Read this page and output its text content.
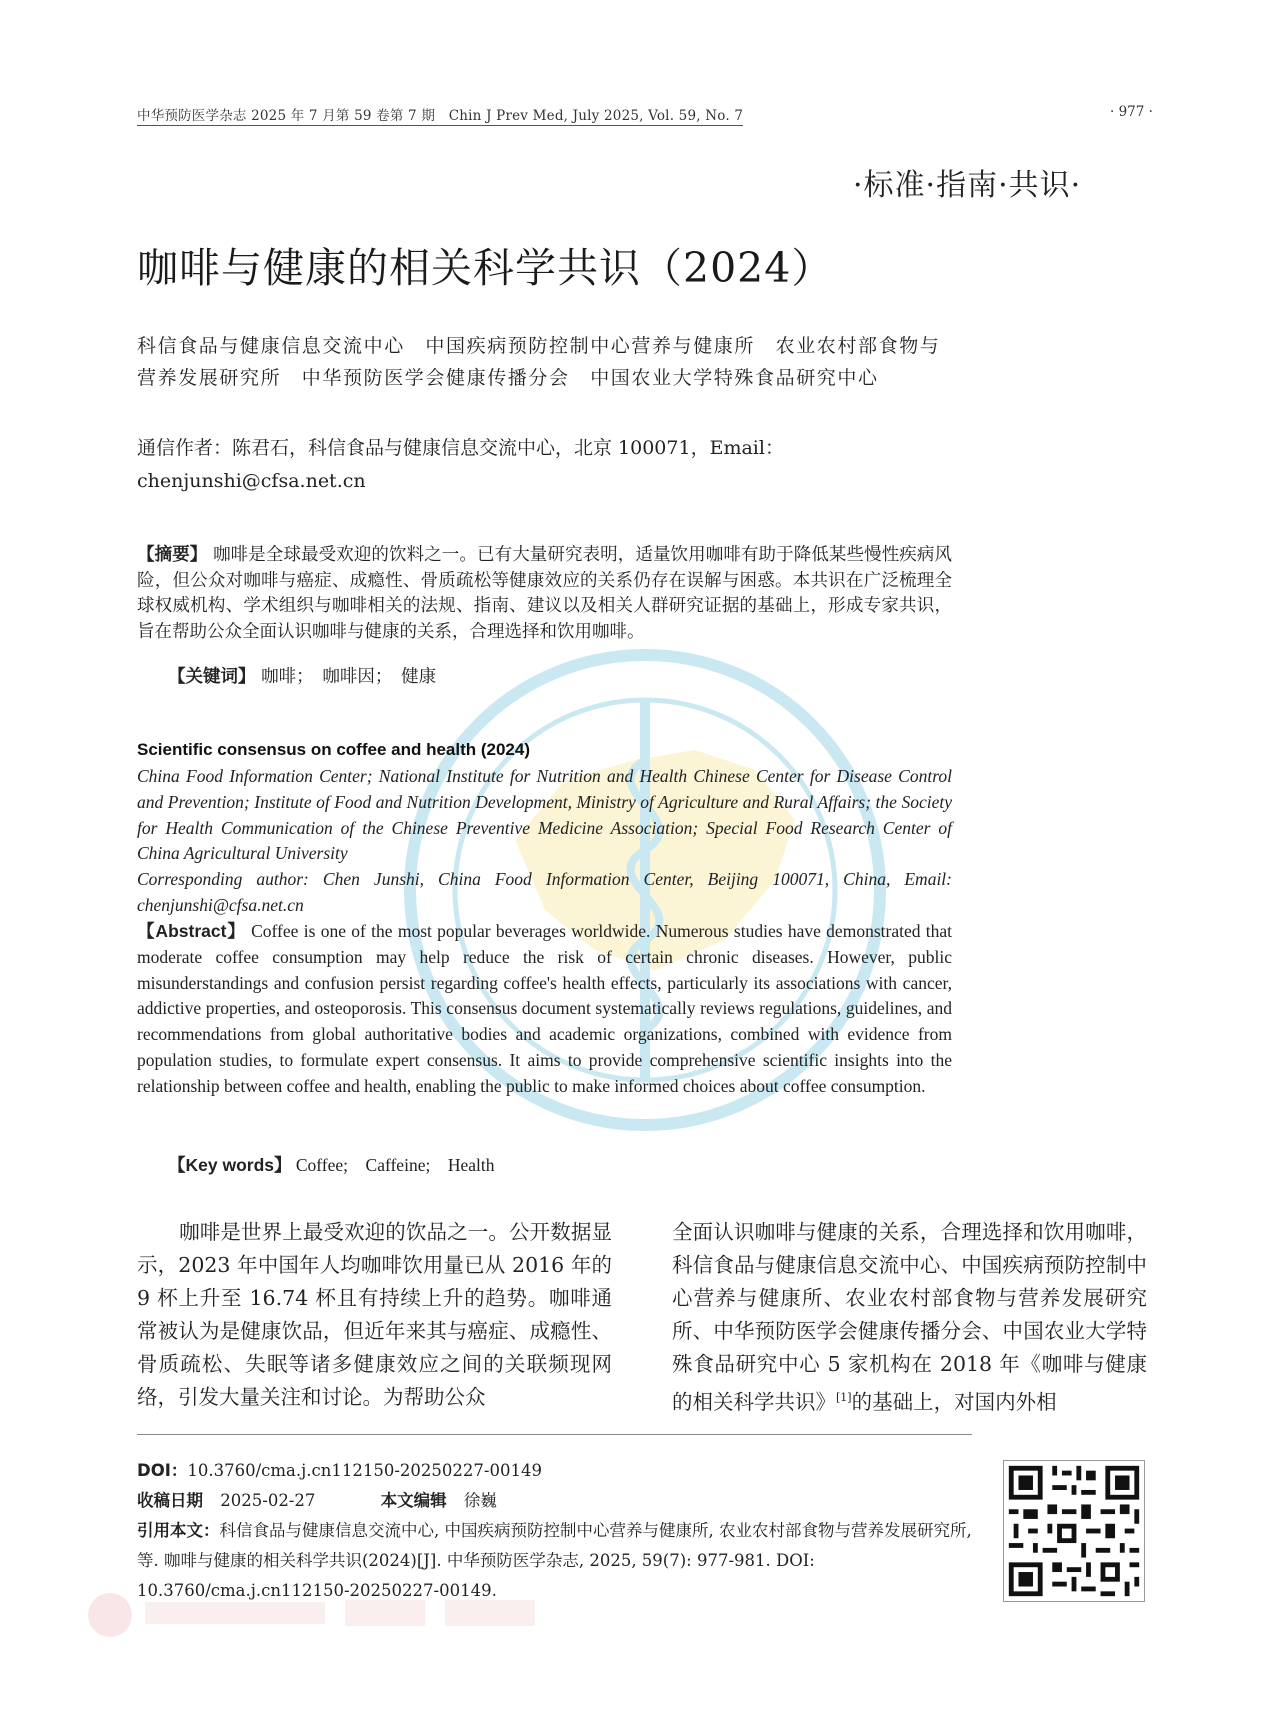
中华预防医学杂志 2025 年 7 月第 59 卷第 7 期　Chin J Prev Med, July 2025, Vol. 59, No. 7	· 977 ·
·标准·指南·共识·
咖啡与健康的相关科学共识（2024）
科信食品与健康信息交流中心　中国疾病预防控制中心营养与健康所　农业农村部食物与营养发展研究所　中华预防医学会健康传播分会　中国农业大学特殊食品研究中心
通信作者：陈君石，科信食品与健康信息交流中心，北京 100071，Email：chenjunshi@cfsa.net.cn
【摘要】 咖啡是全球最受欢迎的饮料之一。已有大量研究表明，适量饮用咖啡有助于降低某些慢性疾病风险，但公众对咖啡与癌症、成瘾性、骨质疏松等健康效应的关系仍存在误解与困惑。本共识在广泛梳理全球权威机构、学术组织与咖啡相关的法规、指南、建议以及相关人群研究证据的基础上，形成专家共识，旨在帮助公众全面认识咖啡与健康的关系，合理选择和饮用咖啡。
【关键词】 咖啡；　咖啡因；　健康
Scientific consensus on coffee and health (2024)
China Food Information Center; National Institute for Nutrition and Health Chinese Center for Disease Control and Prevention; Institute of Food and Nutrition Development, Ministry of Agriculture and Rural Affairs; the Society for Health Communication of the Chinese Preventive Medicine Association; Special Food Research Center of China Agricultural University
Corresponding author: Chen Junshi, China Food Information Center, Beijing 100071, China, Email: chenjunshi@cfsa.net.cn
【Abstract】 Coffee is one of the most popular beverages worldwide. Numerous studies have demonstrated that moderate coffee consumption may help reduce the risk of certain chronic diseases. However, public misunderstandings and confusion persist regarding coffee's health effects, particularly its associations with cancer, addictive properties, and osteoporosis. This consensus document systematically reviews regulations, guidelines, and recommendations from global authoritative bodies and academic organizations, combined with evidence from population studies, to formulate expert consensus. It aims to provide comprehensive scientific insights into the relationship between coffee and health, enabling the public to make informed choices about coffee consumption.
【Key words】 Coffee;　Caffeine;　Health
咖啡是世界上最受欢迎的饮品之一。公开数据显示，2023 年中国年人均咖啡饮用量已从 2016 年的 9 杯上升至 16.74 杯且有持续上升的趋势。咖啡通常被认为是健康饮品，但近年来其与癌症、成瘾性、骨质疏松、失眠等诸多健康效应之间的关联频现网络，引发大量关注和讨论。为帮助公众
全面认识咖啡与健康的关系，合理选择和饮用咖啡，科信食品与健康信息交流中心、中国疾病预防控制中心营养与健康所、农业农村部食物与营养发展研究所、中华预防医学会健康传播分会、中国农业大学特殊食品研究中心 5 家机构在 2018 年《咖啡与健康的相关科学共识》[1]的基础上，对国内外相
DOI：10.3760/cma.j.cn112150-20250227-00149
收稿日期 2025-02-27	本文编辑 徐巍
引用本文：科信食品与健康信息交流中心, 中国疾病预防控制中心营养与健康所, 农业农村部食物与营养发展研究所, 等. 咖啡与健康的相关科学共识(2024)[J]. 中华预防医学杂志, 2025, 59(7): 977-981. DOI: 10.3760/cma.j.cn112150-20250227-00149.
